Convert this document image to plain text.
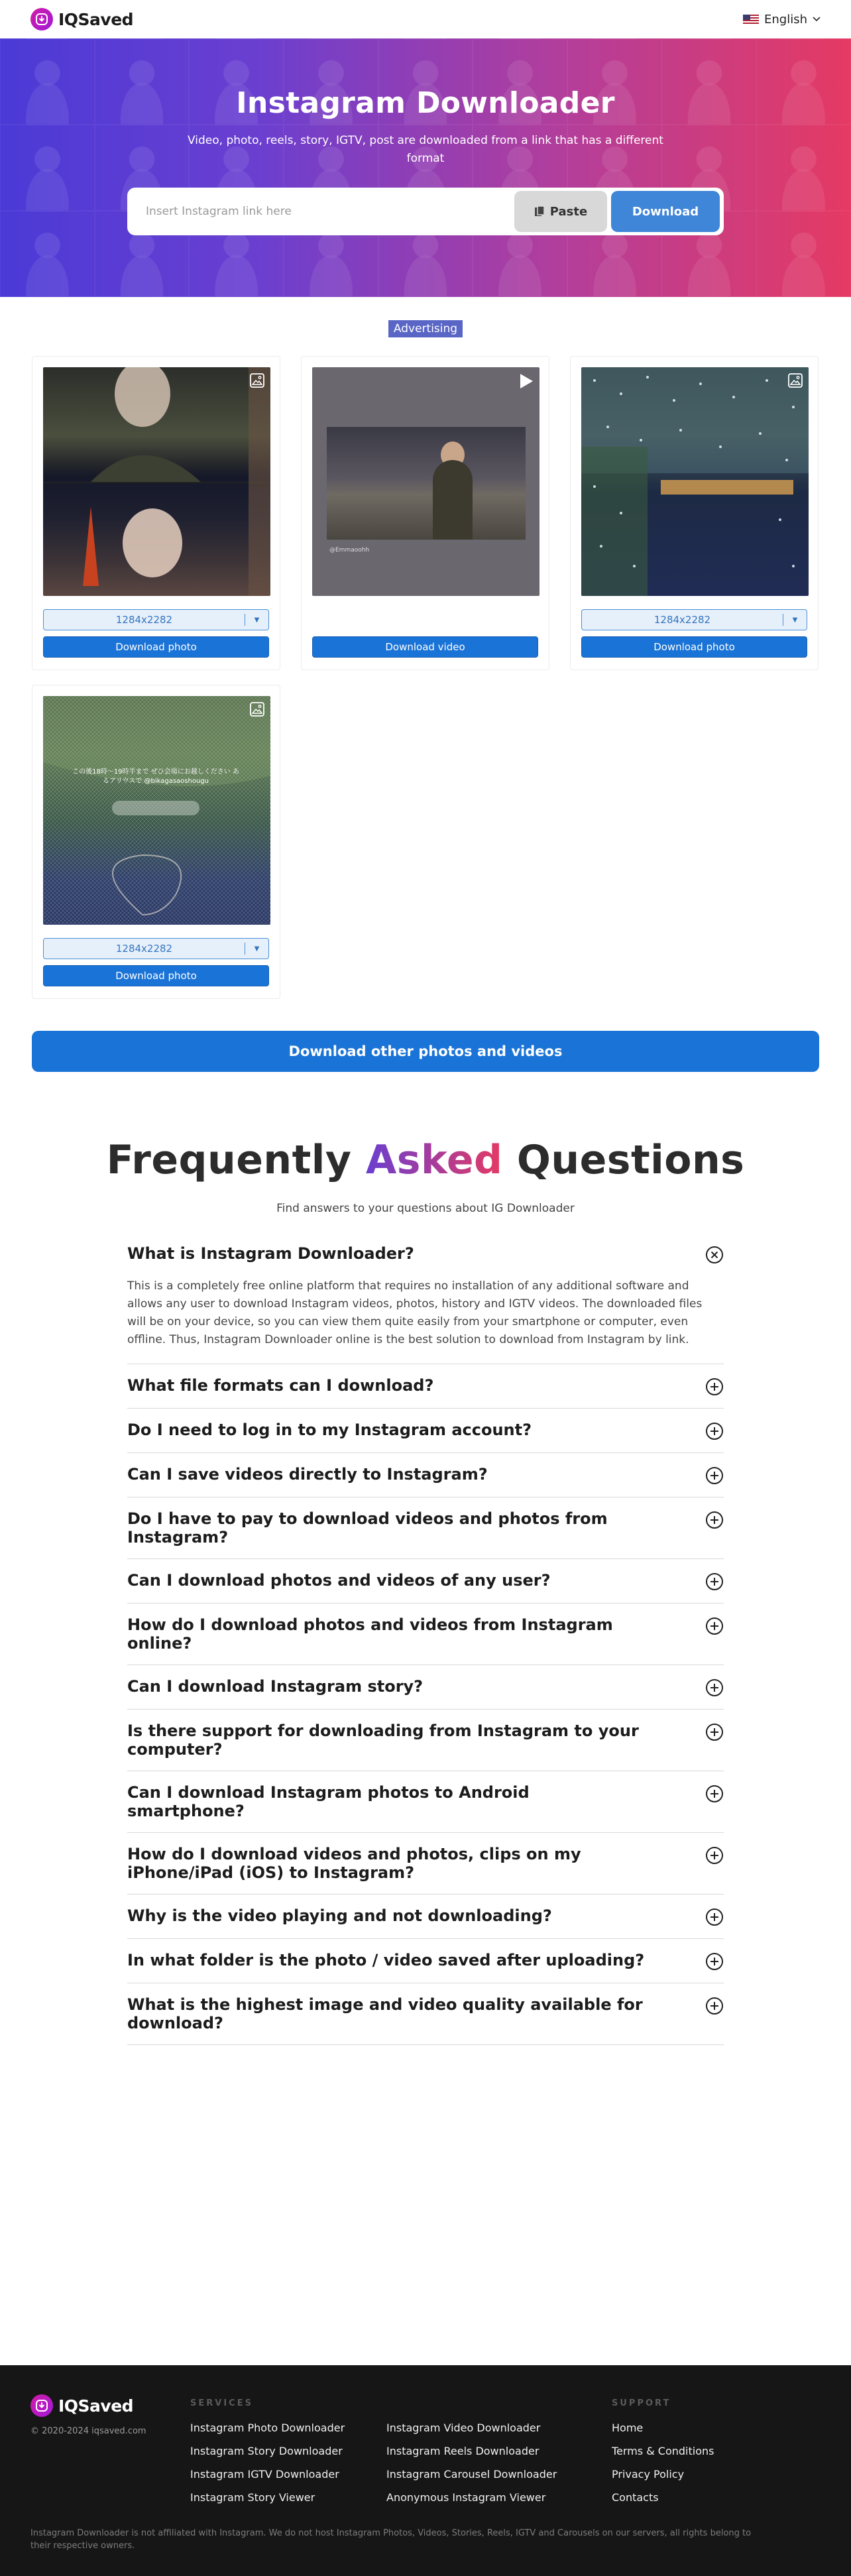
IQSaved	English
Instagram Downloader

Video, photo, reels, story, IGTV, post are downloaded from a link that has a different format

Insert Instagram link here
Paste	Download
Advertising
1284x2282	▼
Download photo
@Emmaoohh
Download video
1284x2282	▼
Download photo
この後18時〜19時半まで ぜひ会場にお越しください あるアリウスで @bikagasaoshougu
1284x2282	▼
Download photo
Download other photos and videos
Frequently Asked Questions

Find answers to your questions about IG Downloader

What is Instagram Downloader?

This is a completely free online platform that requires no installation of any additional software and allows any user to download Instagram videos, photos, history and IGTV videos. The downloaded files will be on your device, so you can view them quite easily from your smartphone or computer, even offline. Thus, Instagram Downloader online is the best solution to download from Instagram by link.

What file formats can I download?
Do I need to log in to my Instagram account?
Can I save videos directly to Instagram?
Do I have to pay to download videos and photos from Instagram?
Can I download photos and videos of any user?
How do I download photos and videos from Instagram online?
Can I download Instagram story?
Is there support for downloading from Instagram to your computer?
Can I download Instagram photos to Android smartphone?
How do I download videos and photos, clips on my iPhone/iPad (iOS) to Instagram?
Why is the video playing and not downloading?
In what folder is the photo / video saved after uploading?
What is the highest image and video quality available for download?
IQSaved
© 2020-2024 iqsaved.com
SERVICES
Instagram Photo Downloader
Instagram Story Downloader
Instagram IGTV Downloader
Instagram Story Viewer
Instagram Video Downloader
Instagram Reels Downloader
Instagram Carousel Downloader
Anonymous Instagram Viewer
SUPPORT
Home
Terms & Conditions
Privacy Policy
Contacts
Instagram Downloader is not affiliated with Instagram. We do not host Instagram Photos, Videos, Stories, Reels, IGTV and Carousels on our servers, all rights belong to their respective owners.
